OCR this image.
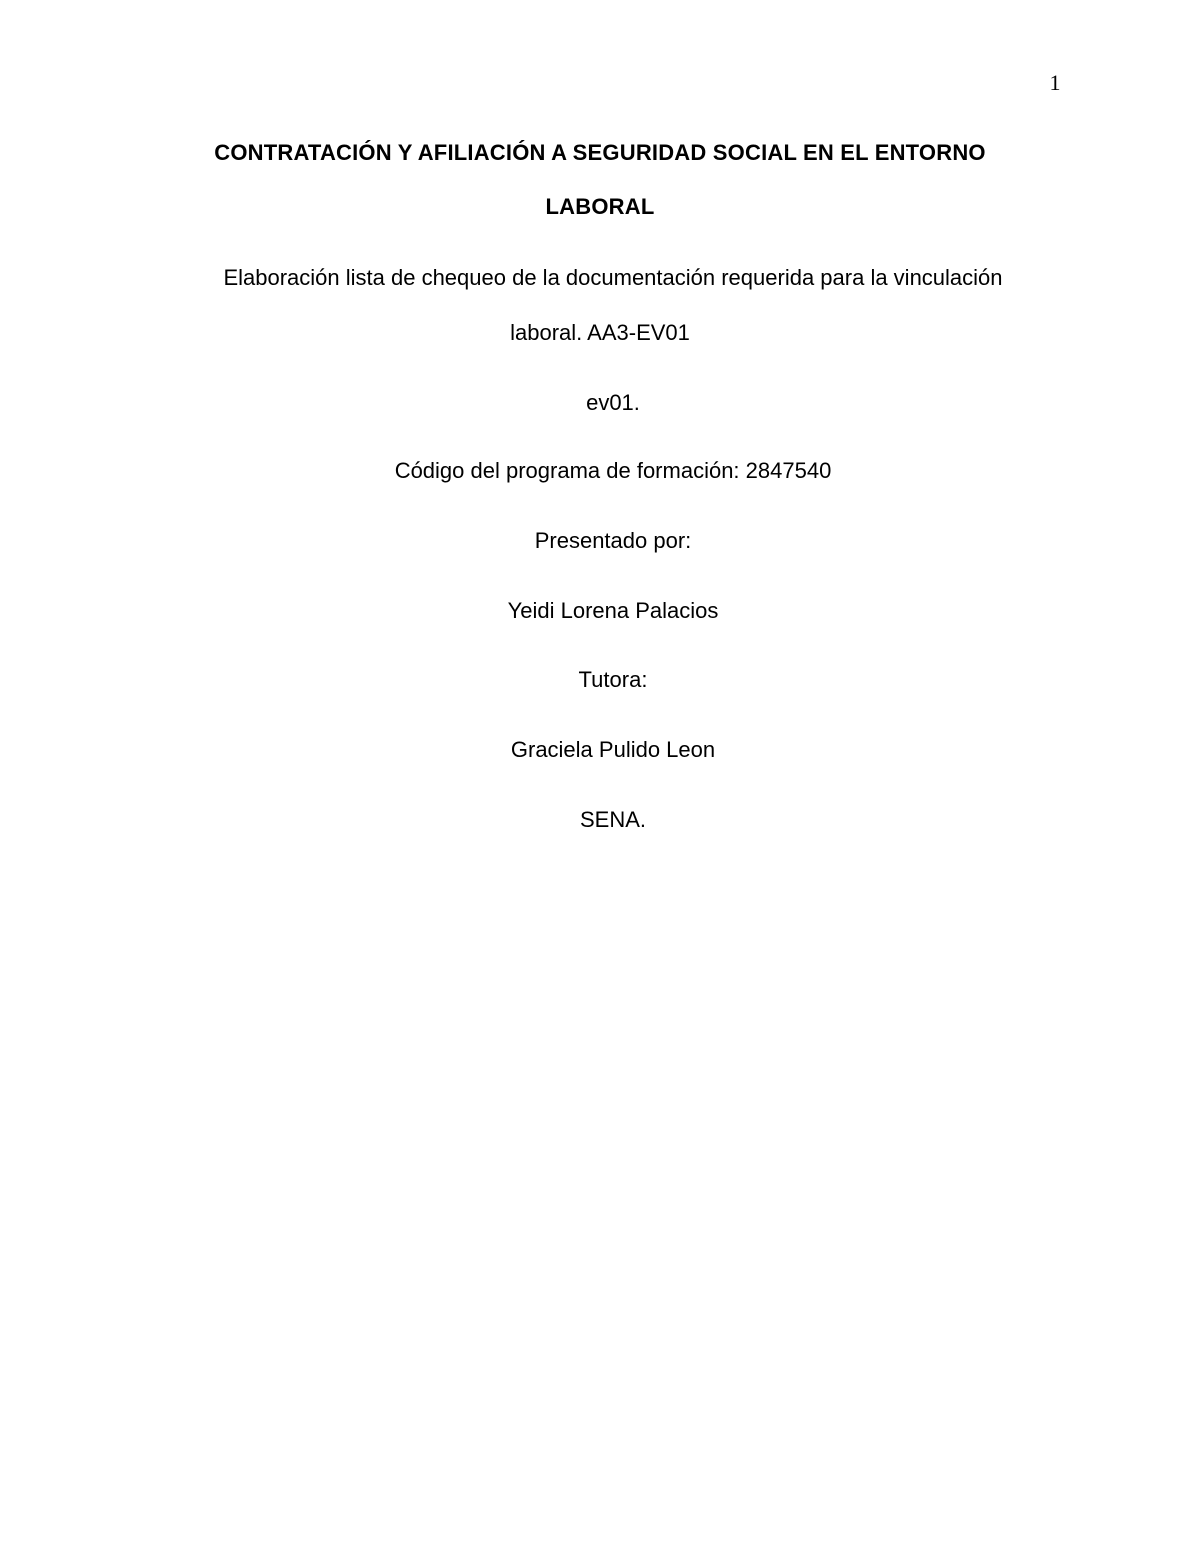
1
CONTRATACIÓN Y AFILIACIÓN A SEGURIDAD SOCIAL EN EL ENTORNO
LABORAL
Elaboración lista de chequeo de la documentación requerida para la vinculación
laboral. AA3-EV01
ev01.
Código del programa de formación: 2847540
Presentado por:
Yeidi Lorena Palacios
Tutora:
Graciela Pulido Leon
SENA.
